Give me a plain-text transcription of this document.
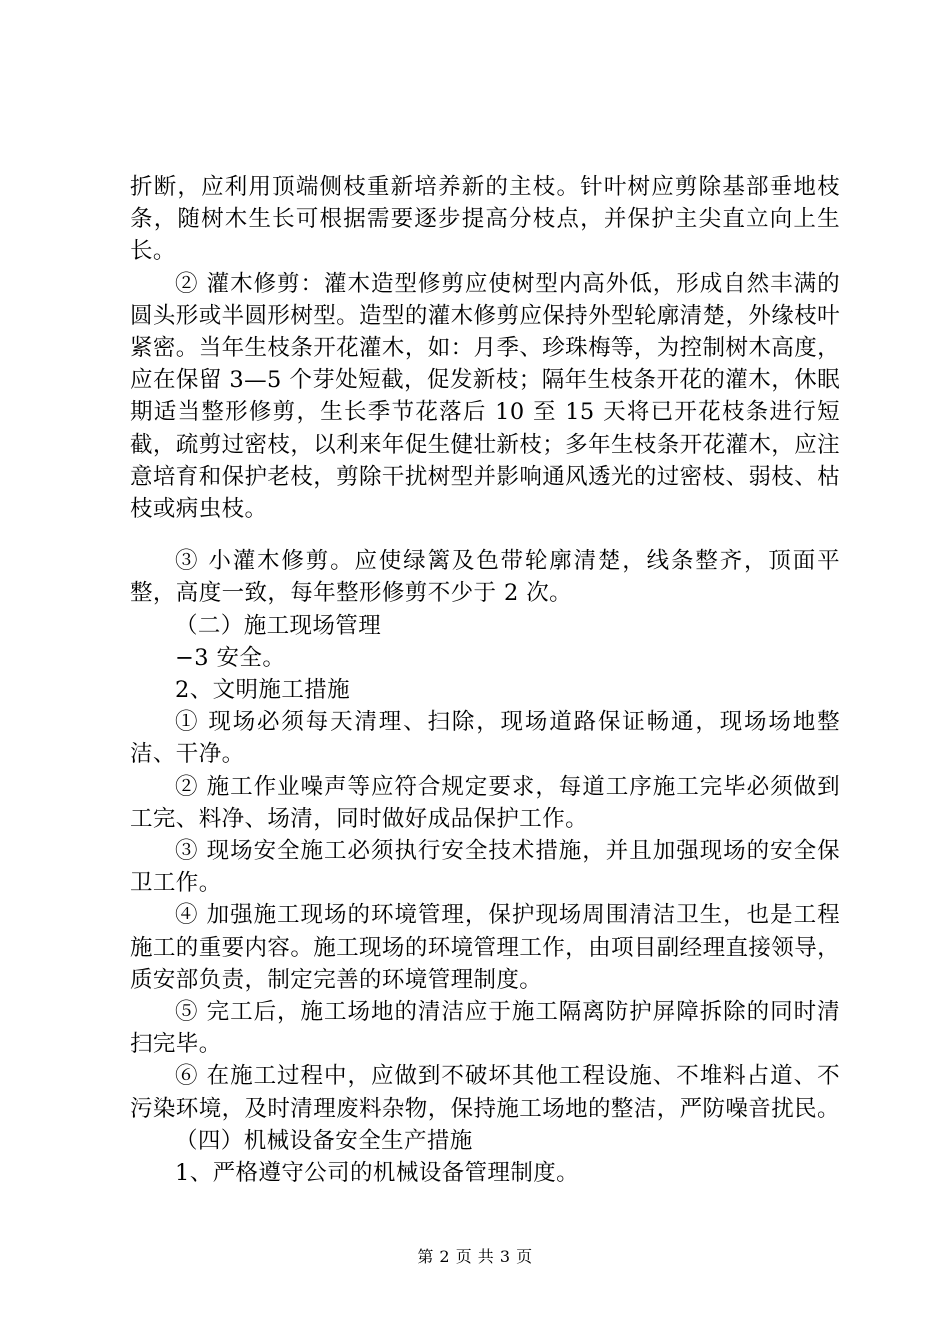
折断，应利用顶端侧枝重新培养新的主枝。针叶树应剪除基部垂地枝条，随树木生长可根据需要逐步提高分枝点，并保护主尖直立向上生长。

② 灌木修剪：灌木造型修剪应使树型内高外低，形成自然丰满的圆头形或半圆形树型。造型的灌木修剪应保持外型轮廓清楚，外缘枝叶紧密。当年生枝条开花灌木，如：月季、珍珠梅等，为控制树木高度，应在保留 3—5 个芽处短截，促发新枝；隔年生枝条开花的灌木，休眠期适当整形修剪，生长季节花落后 10 至 15 天将已开花枝条进行短截，疏剪过密枝，以利来年促生健壮新枝；多年生枝条开花灌木，应注意培育和保护老枝，剪除干扰树型并影响通风透光的过密枝、弱枝、枯枝或病虫枝。

③ 小灌木修剪。应使绿篱及色带轮廓清楚，线条整齐，顶面平整，高度一致，每年整形修剪不少于 2 次。

（二）施工现场管理

−3 安全。

2、文明施工措施

① 现场必须每天清理、扫除，现场道路保证畅通，现场场地整洁、干净。

② 施工作业噪声等应符合规定要求，每道工序施工完毕必须做到工完、料净、场清，同时做好成品保护工作。

③ 现场安全施工必须执行安全技术措施，并且加强现场的安全保卫工作。

④ 加强施工现场的环境管理，保护现场周围清洁卫生，也是工程施工的重要内容。施工现场的环境管理工作，由项目副经理直接领导，质安部负责，制定完善的环境管理制度。

⑤ 完工后，施工场地的清洁应于施工隔离防护屏障拆除的同时清扫完毕。

⑥ 在施工过程中，应做到不破坏其他工程设施、不堆料占道、不污染环境，及时清理废料杂物，保持施工场地的整洁，严防噪音扰民。

（四）机械设备安全生产措施

1、严格遵守公司的机械设备管理制度。

第 2 页 共 3 页
